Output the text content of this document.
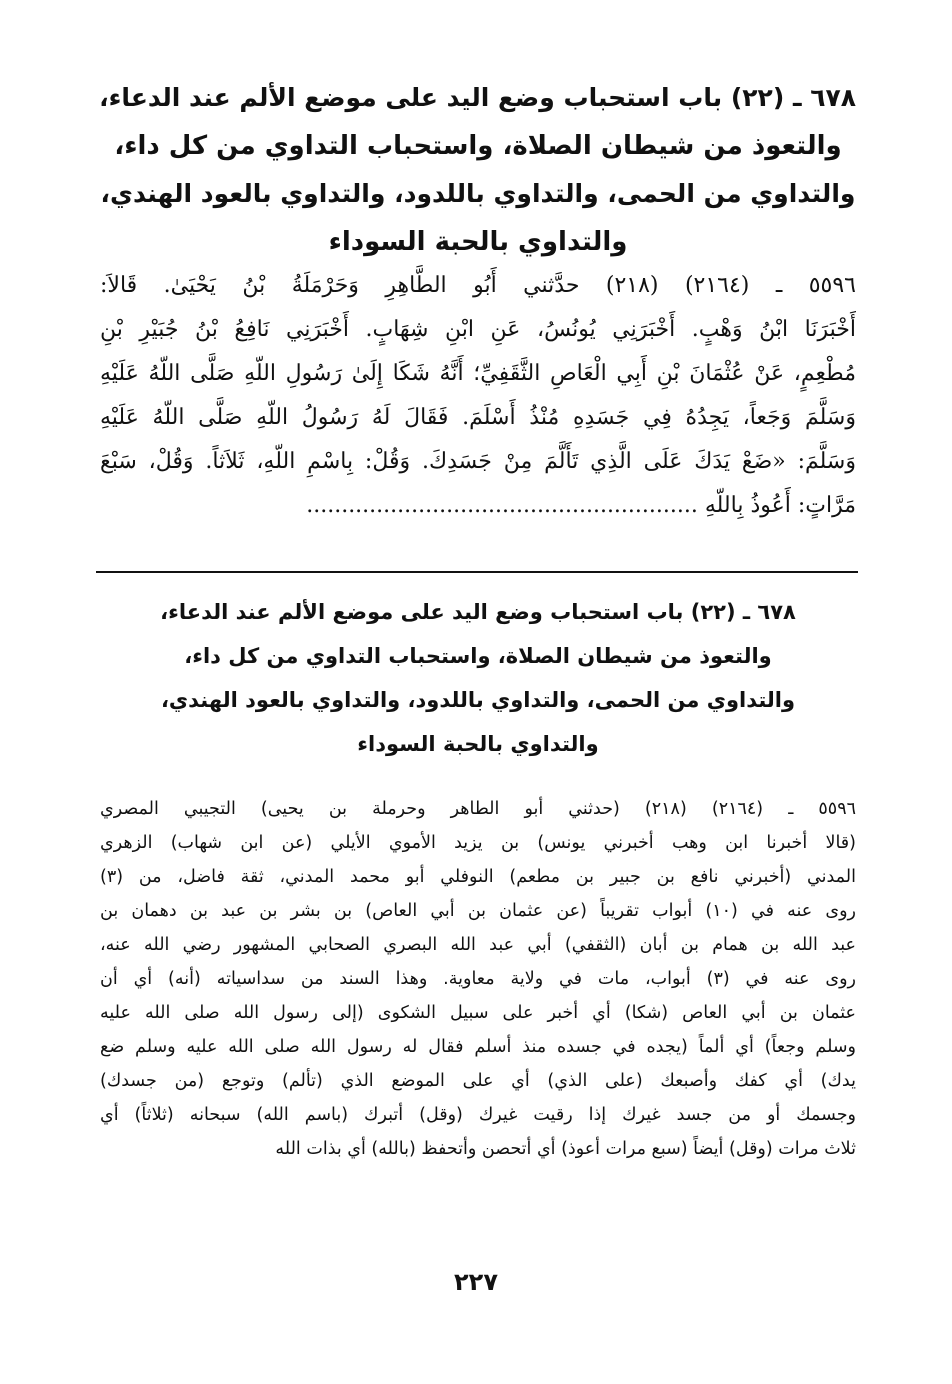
٦٧٨ ـ (٢٢) باب استحباب وضع اليد على موضع الألم عند الدعاء،
والتعوذ من شيطان الصلاة، واستحباب التداوي من كل داء،
والتداوي من الحمى، والتداوي باللدود، والتداوي بالعود الهندي،
والتداوي بالحبة السوداء
٥٥٩٦ ـ (٢١٦٤) (٢١٨) حدَّثني أَبُو الطَّاهِرِ وَحَرْمَلَةُ بْنُ يَحْيَىٰ. قَالاَ:
أَخْبَرَنَا ابْنُ وَهْبٍ. أَخْبَرَنِي يُونُسُ، عَنِ ابْنِ شِهَابٍ. أَخْبَرَنِي نَافِعُ بْنُ جُبَيْرِ بْنِ
مُطْعِمٍ، عَنْ عُثْمَانَ بْنِ أَبِي الْعَاصِ الثَّقَفِيِّ؛ أَنَّهُ شَكَا إِلَىٰ رَسُولِ اللّهِ صَلَّى اللّهُ عَلَيْهِ
وَسَلَّمَ وَجَعاً، يَجِدُهُ فِي جَسَدِهِ مُنْذُ أَسْلَمَ. فَقَالَ لَهُ رَسُولُ اللّهِ صَلَّى اللّهُ عَلَيْهِ
وَسَلَّمَ: «ضَعْ يَدَكَ عَلَى الَّذِي تَأَلَّمَ مِنْ جَسَدِكَ. وَقُلْ: بِاسْمِ اللّهِ، ثَلاَثاً. وَقُلْ، سَبْعَ
مَرَّاتٍ: أَعُوذُ بِاللّهِ ........................................................
٦٧٨ ـ (٢٢) باب استحباب وضع اليد على موضع الألم عند الدعاء،
والتعوذ من شيطان الصلاة، واستحباب التداوي من كل داء،
والتداوي من الحمى، والتداوي باللدود، والتداوي بالعود الهندي،
والتداوي بالحبة السوداء
٥٥٩٦ ـ (٢١٦٤) (٢١٨) (حدثني أبو الطاهر وحرملة بن يحيى) التجيبي المصري
(قالا أخبرنا ابن وهب أخبرني يونس) بن يزيد الأموي الأيلي (عن ابن شهاب) الزهري
المدني (أخبرني نافع بن جبير بن مطعم) النوفلي أبو محمد المدني، ثقة فاضل، من (٣)
روى عنه في (١٠) أبواب تقريباً (عن عثمان بن أبي العاص) بن بشر بن عبد بن دهمان بن
عبد الله بن همام بن أبان (الثقفي) أبي عبد الله البصري الصحابي المشهور رضي الله عنه،
روى عنه في (٣) أبواب، مات في ولاية معاوية. وهذا السند من سداسياته (أنه) أي أن
عثمان بن أبي العاص (شكا) أي أخبر على سبيل الشكوى (إلى رسول الله صلى الله عليه
وسلم وجعاً) أي ألماً (يجده في جسده منذ أسلم فقال له رسول الله صلى الله عليه وسلم ضع
يدك) أي كفك وأصبعك (على الذي) أي على الموضع الذي (تألم) وتوجع (من جسدك)
وجسمك أو من جسد غيرك إذا رقيت غيرك (وقل) أتبرك (باسم الله) سبحانه (ثلاثاً) أي
ثلاث مرات (وقل) أيضاً (سبع مرات أعوذ) أي أتحصن وأتحفظ (بالله) أي بذات الله
٢٢٧
